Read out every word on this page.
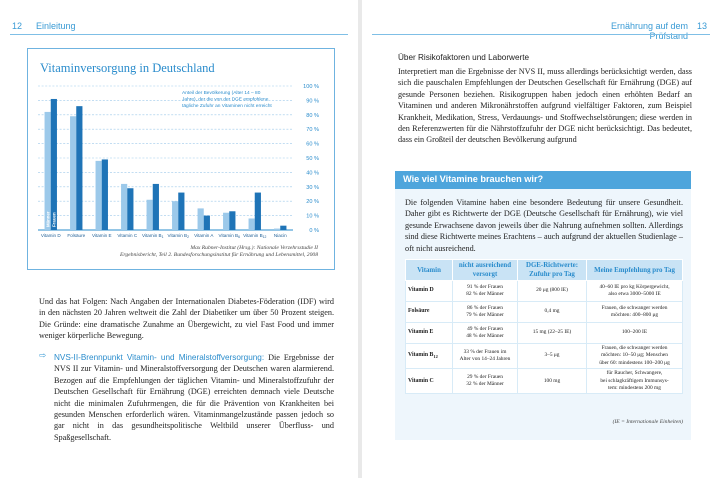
12 Einleitung
Vitaminversorgung in Deutschland
0 %
10 %
20 %
30 %
40 %
50 %
60 %
70 %
80 %
90 %
100 %
Anteil der Bevölkerung (Alter 14 – 80
Jahre), der die von der DGE empfohlene
tägliche Zufuhr an Vitaminen nicht erreicht
Vitamin D Folsäure Vitamin E Vitamin C Vitamin $B_1$ Vitamin $B_2$ Vitamin A Vitamin $B_6$ Vitamin $B_{12}$ Niacin
Männer Frauen
Max Rubner-Institut (Hrsg.): Nationale Verzehrsstudie II
Ergebnisbericht, Teil 2. Bundesforschungsinstitut für Ernährung und Lebensmittel, 2008
Und das hat Folgen: Nach Angaben der Internationalen Diabetes-Föderation (IDF) wird in den nächsten 20 Jahren weltweit die Zahl der Diabetiker um über 50 Prozent steigen. Die Gründe: eine dramatische Zunahme an Übergewicht, zu viel Fast Food und immer weniger körperliche Bewegung.
⇨ NVS-II-Brennpunkt Vitamin- und Mineralstoffversorgung: Die Ergebnisse der NVS II zur Vitamin- und Mineralstoffversorgung der Deutschen waren alarmierend. Bezogen auf die Empfehlungen der täglichen Vitamin- und Mineralstoffzufuhr der Deutschen Gesellschaft für Ernährung (DGE) erreichten demnach viele Deutsche nicht die minimalen Zufuhrmengen, die für die Prävention von Krankheiten bei gesunden Menschen erforderlich wären. Vitaminmangelzustände passen jedoch so gar nicht in das gesundheitspolitische Weltbild unserer Überfluss- und Spaßgesellschaft.
Ernährung auf dem Prüfstand
13
Über Risikofaktoren und Laborwerte
Interpretiert man die Ergebnisse der NVS II, muss allerdings berücksichtigt werden, dass sich die pauschalen Empfehlungen der Deutschen Gesellschaft für Ernährung (DGE) auf gesunde Personen beziehen. Risikogruppen haben jedoch einen erhöhten Bedarf an Vitaminen und anderen Mikronährstoffen aufgrund vielfältiger Faktoren, zum Beispiel Krankheit, Medikation, Stress, Verdauungs- und Stoffwechselstörungen; diese werden in den Referenzwerten für die Nährstoffzufuhr der DGE nicht berücksichtigt. Das bedeutet, dass ein Großteil der deutschen Bevölkerung aufgrund
Wie viel Vitamine brauchen wir?
Die folgenden Vitamine haben eine besondere Bedeutung für unsere Gesundheit. Daher gibt es Richtwerte der DGE (Deutsche Gesellschaft für Ernährung), wie viel gesunde Erwachsene davon jeweils über die Nahrung aufnehmen sollten. Allerdings sind diese Richtwerte meines Erachtens – auch aufgrund der aktuellen Studienlage – oft nicht ausreichend.
Vitamin	nicht ausreichend versorgt	DGE-Richtwerte: Zufuhr pro Tag	Meine Empfehlung pro Tag
Vitamin D	91 % der Frauen
82 % der Männer	20 μg (800 IE)	40–60 IE pro kg Körpergewicht,
also etwa 3000–5000 IE
Folsäure	86 % der Frauen
79 % der Männer	0,4 mg	Frauen, die schwanger werden
möchten: 400–800 μg
Vitamin E	49 % der Frauen
48 % der Männer	15 mg (22–25 IE)	100–200 IE
Vitamin $B_{12}$	33 % der Frauen im
Alter von 14–24 Jahren	3–5 μg	Frauen, die schwanger werden
möchten: 10–50 μg; Menschen
über 60: mindestens 100–200 μg
Vitamin C	29 % der Frauen
32 % der Männer	100 mg	für Raucher, Schwangere,
bei schlagkräftigem Immunsys-
tem: mindestens 200 mg
(IE = Internationale Einheiten)
